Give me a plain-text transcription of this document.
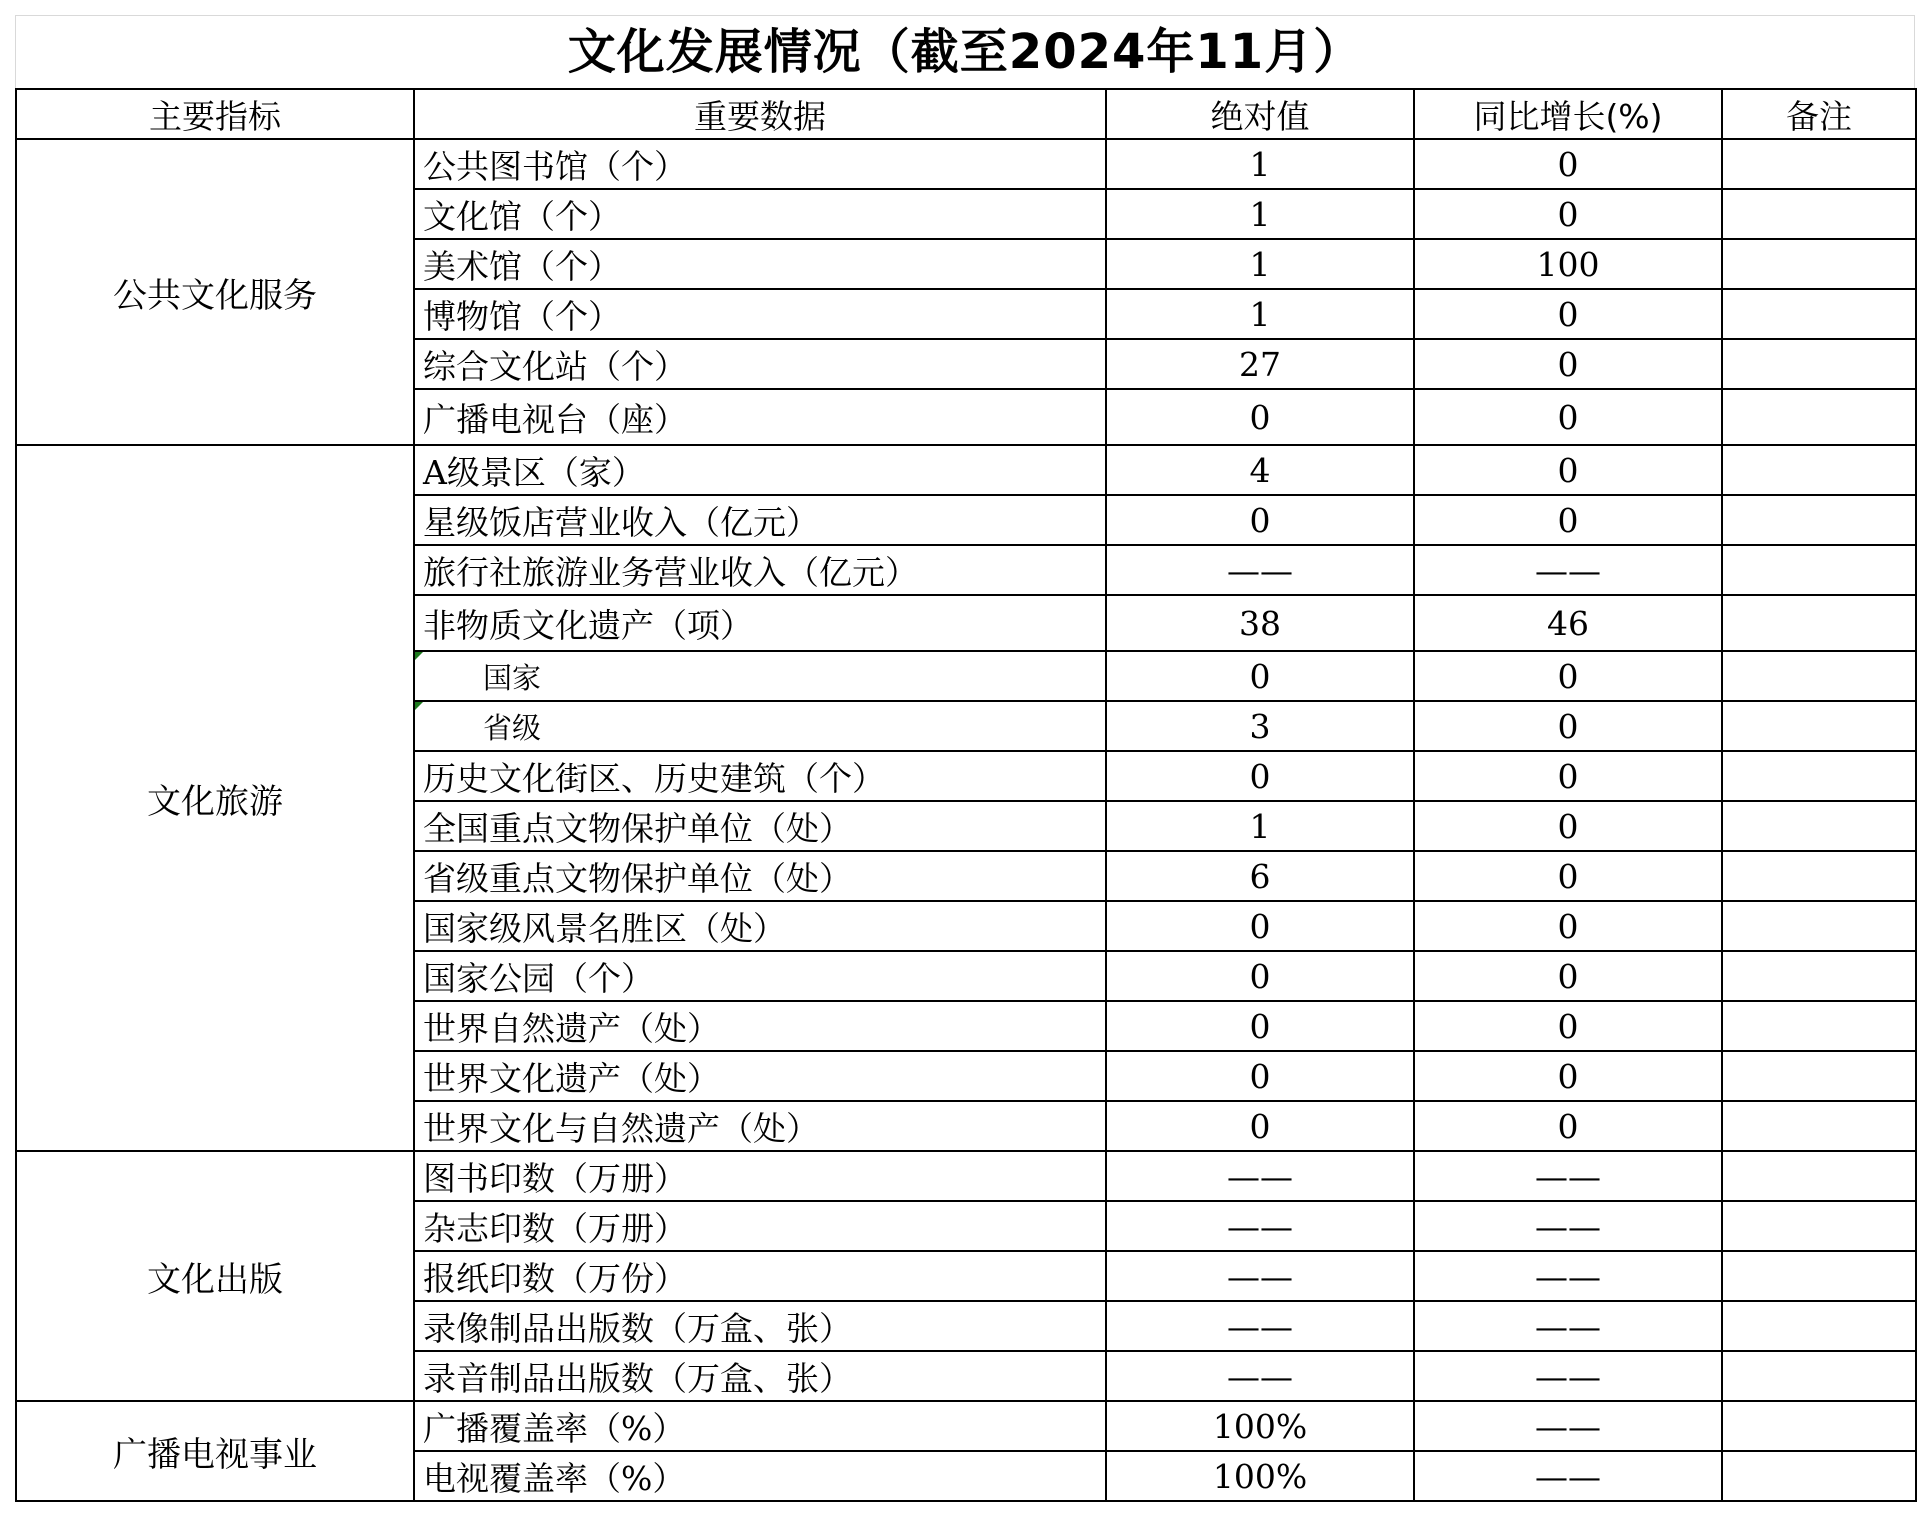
文化发展情况（截至2024年11月）
主要指标	重要数据	绝对值	同比增长(%)	备注
公共文化服务	公共图书馆（个）	1	0	
	文化馆（个）	1	0	
	美术馆（个）	1	100	
	博物馆（个）	1	0	
	综合文化站（个）	27	0	
	广播电视台（座）	0	0	
文化旅游	A级景区（家）	4	0	
	星级饭店营业收入（亿元）	0	0	
	旅行社旅游业务营业收入（亿元）	——	——	
	非物质文化遗产（项）	38	46	
	国家	0	0	
	省级	3	0	
	历史文化街区、历史建筑（个）	0	0	
	全国重点文物保护单位（处）	1	0	
	省级重点文物保护单位（处）	6	0	
	国家级风景名胜区（处）	0	0	
	国家公园（个）	0	0	
	世界自然遗产（处）	0	0	
	世界文化遗产（处）	0	0	
	世界文化与自然遗产（处）	0	0	
文化出版	图书印数（万册）	——	——	
	杂志印数（万册）	——	——	
	报纸印数（万份）	——	——	
	录像制品出版数（万盒、张）	——	——	
	录音制品出版数（万盒、张）	——	——	
广播电视事业	广播覆盖率（%）	100%	——	
	电视覆盖率（%）	100%	——	
